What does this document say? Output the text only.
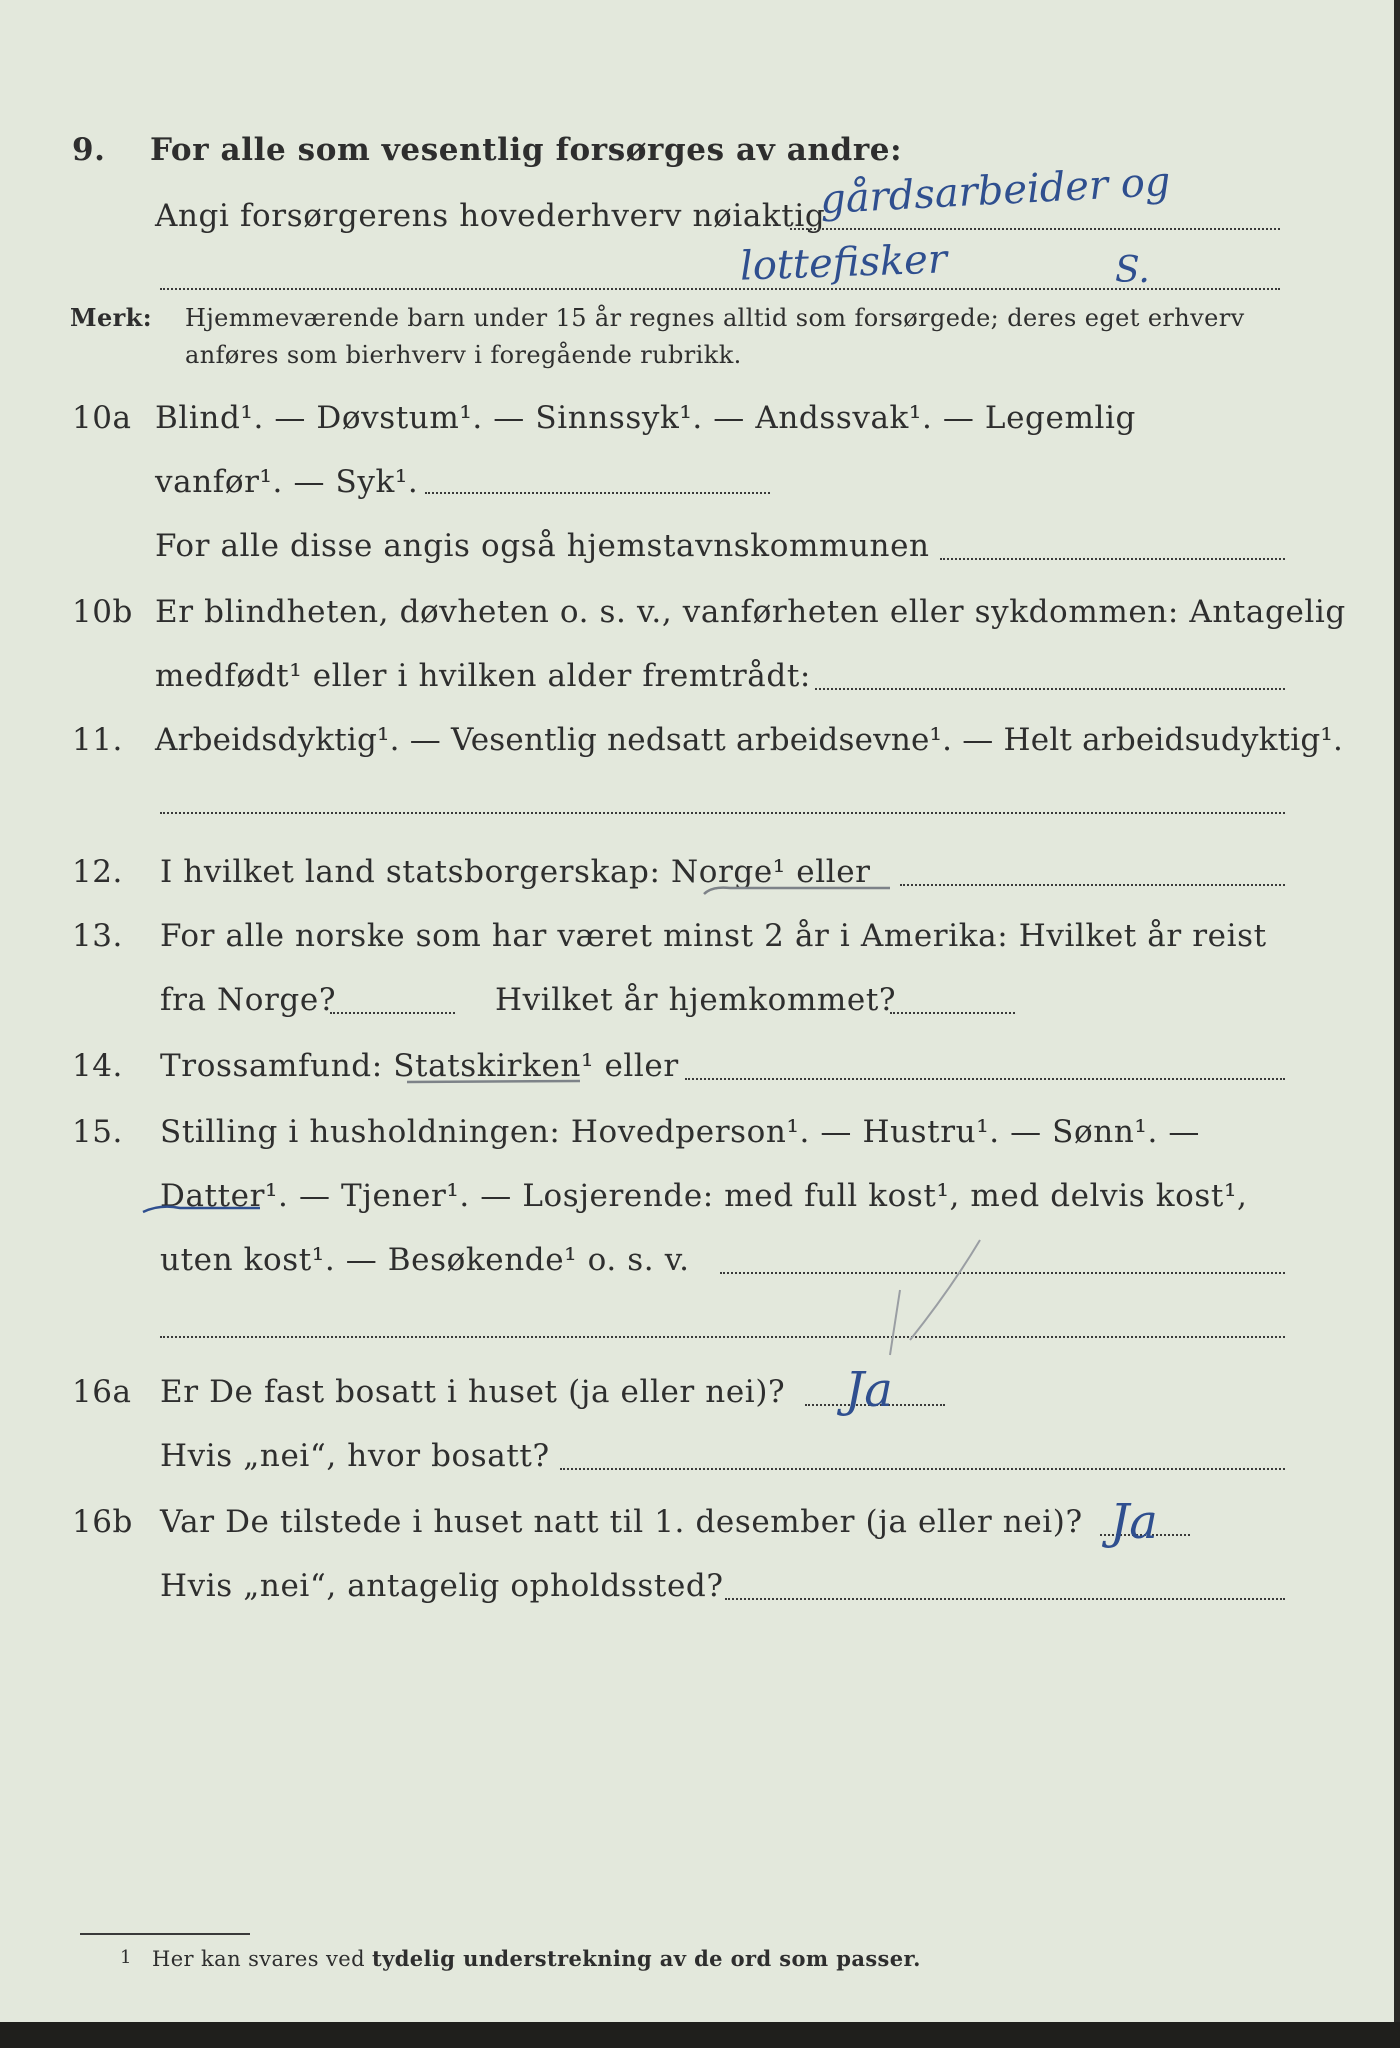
9. For alle som vesentlig forsørges av andre:
Angi forsørgerens hovederhverv nøiaktig
gårdsarbeider og
lottefisker	S.
Merk: Hjemmeværende barn under 15 år regnes alltid som forsørgede; deres eget erhverv
anføres som bierhverv i foregående rubrikk.
10a Blind¹. — Døvstum¹. — Sinnssyk¹. — Andssvak¹. — Legemlig
vanfør¹. — Syk¹.
For alle disse angis også hjemstavnskommunen
10b Er blindheten, døvheten o. s. v., vanførheten eller sykdommen: Antagelig
medfødt¹ eller i hvilken alder fremtrådt:
11. Arbeidsdyktig¹. — Vesentlig nedsatt arbeidsevne¹. — Helt arbeidsudyktig¹.
12. I hvilket land statsborgerskap: Norge¹ eller
13. For alle norske som har været minst 2 år i Amerika: Hvilket år reist
fra Norge?	Hvilket år hjemkommet?
14. Trossamfund: Statskirken¹ eller
15. Stilling i husholdningen: Hovedperson¹. — Hustru¹. — Sønn¹. —
Datter¹. — Tjener¹. — Losjerende: med full kost¹, med delvis kost¹,
uten kost¹. — Besøkende¹ o. s. v.
16a Er De fast bosatt i huset (ja eller nei)? Ja
Hvis „nei“, hvor bosatt?
16b Var De tilstede i huset natt til 1. desember (ja eller nei)? Ja
Hvis „nei“, antagelig opholdssted?
1 Her kan svares ved tydelig understrekning av de ord som passer.
